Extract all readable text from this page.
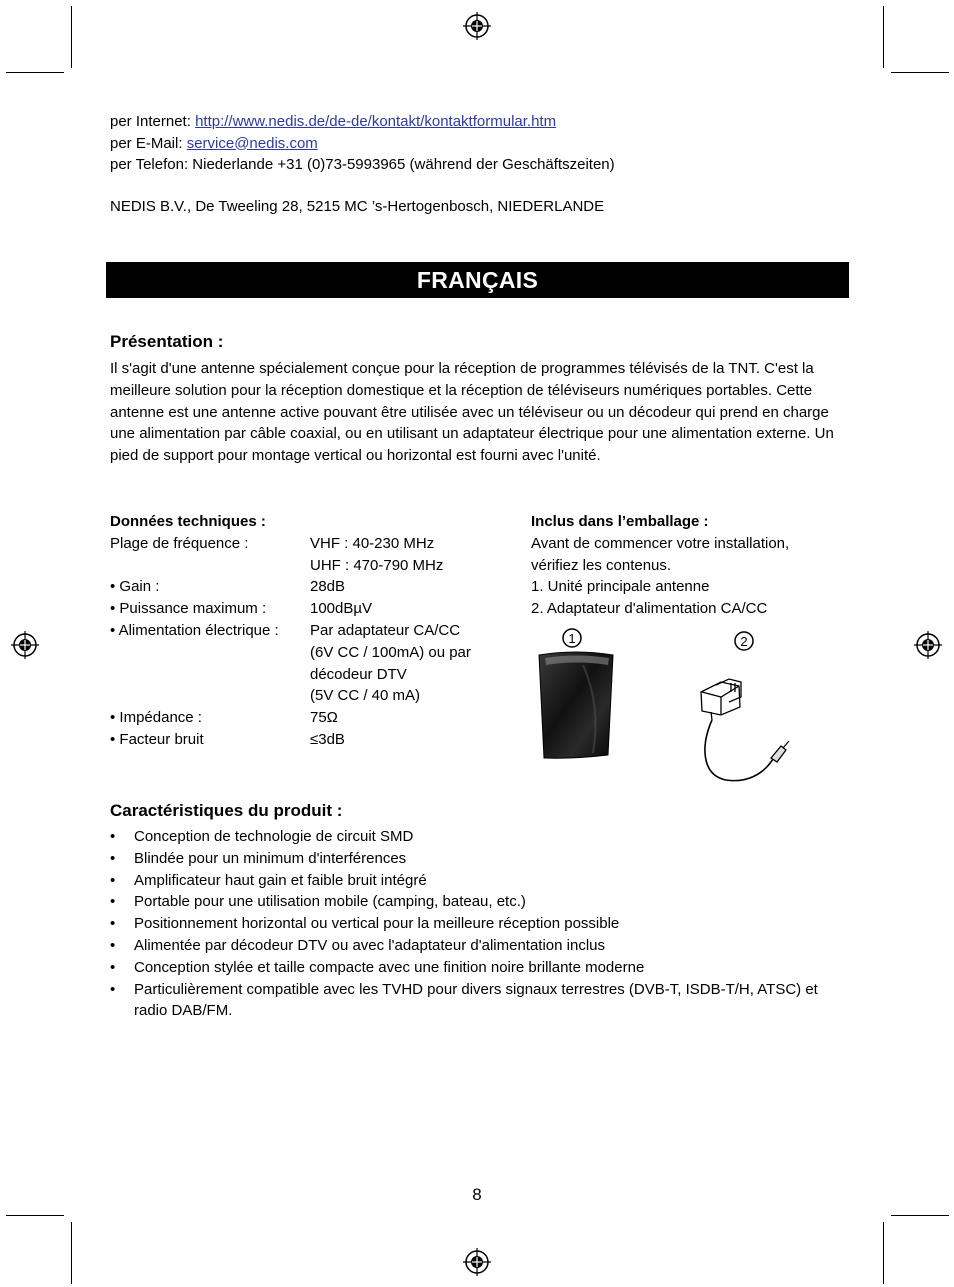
per Internet: http://www.nedis.de/de-de/kontakt/kontaktformular.htm
per E-Mail: service@nedis.com
per Telefon: Niederlande +31 (0)73-5993965 (während der Geschäftszeiten)
NEDIS B.V., De Tweeling 28, 5215 MC ’s-Hertogenbosch, NIEDERLANDE
FRANÇAIS
Présentation :
Il s'agit d'une antenne spécialement conçue pour la réception de programmes télévisés de la TNT. C'est la meilleure solution pour la réception domestique et la réception de téléviseurs numériques portables. Cette antenne est une antenne active pouvant être utilisée avec un téléviseur ou un décodeur qui prend en charge une alimentation par câble coaxial, ou en utilisant un adaptateur électrique pour une alimentation externe. Un pied de support pour montage vertical ou horizontal est fourni avec l'unité.
Données techniques :
Plage de fréquence :	VHF : 40-230 MHz
UHF : 470-790 MHz
• Gain :	28dB
• Puissance maximum :	100dBµV
• Alimentation électrique :	Par adaptateur CA/CC
(6V CC / 100mA) ou par
décodeur DTV
(5V CC / 40 mA)
• Impédance :	75Ω
• Facteur bruit	≤3dB
Inclus dans l’emballage :
Avant de commencer votre installation,
vérifiez les contenus.
1. Unité principale antenne
2. Adaptateur d'alimentation CA/CC
1	2
Caractéristiques du produit :
• Conception de technologie de circuit SMD
• Blindée pour un minimum d'interférences
• Amplificateur haut gain et faible bruit intégré
• Portable pour une utilisation mobile (camping, bateau, etc.)
• Positionnement horizontal ou vertical pour la meilleure réception possible
• Alimentée par décodeur DTV ou avec l'adaptateur d'alimentation inclus
• Conception stylée et taille compacte avec une finition noire brillante moderne
• Particulièrement compatible avec les TVHD pour divers signaux terrestres (DVB-T, ISDB-T/H, ATSC) et radio DAB/FM.
8
